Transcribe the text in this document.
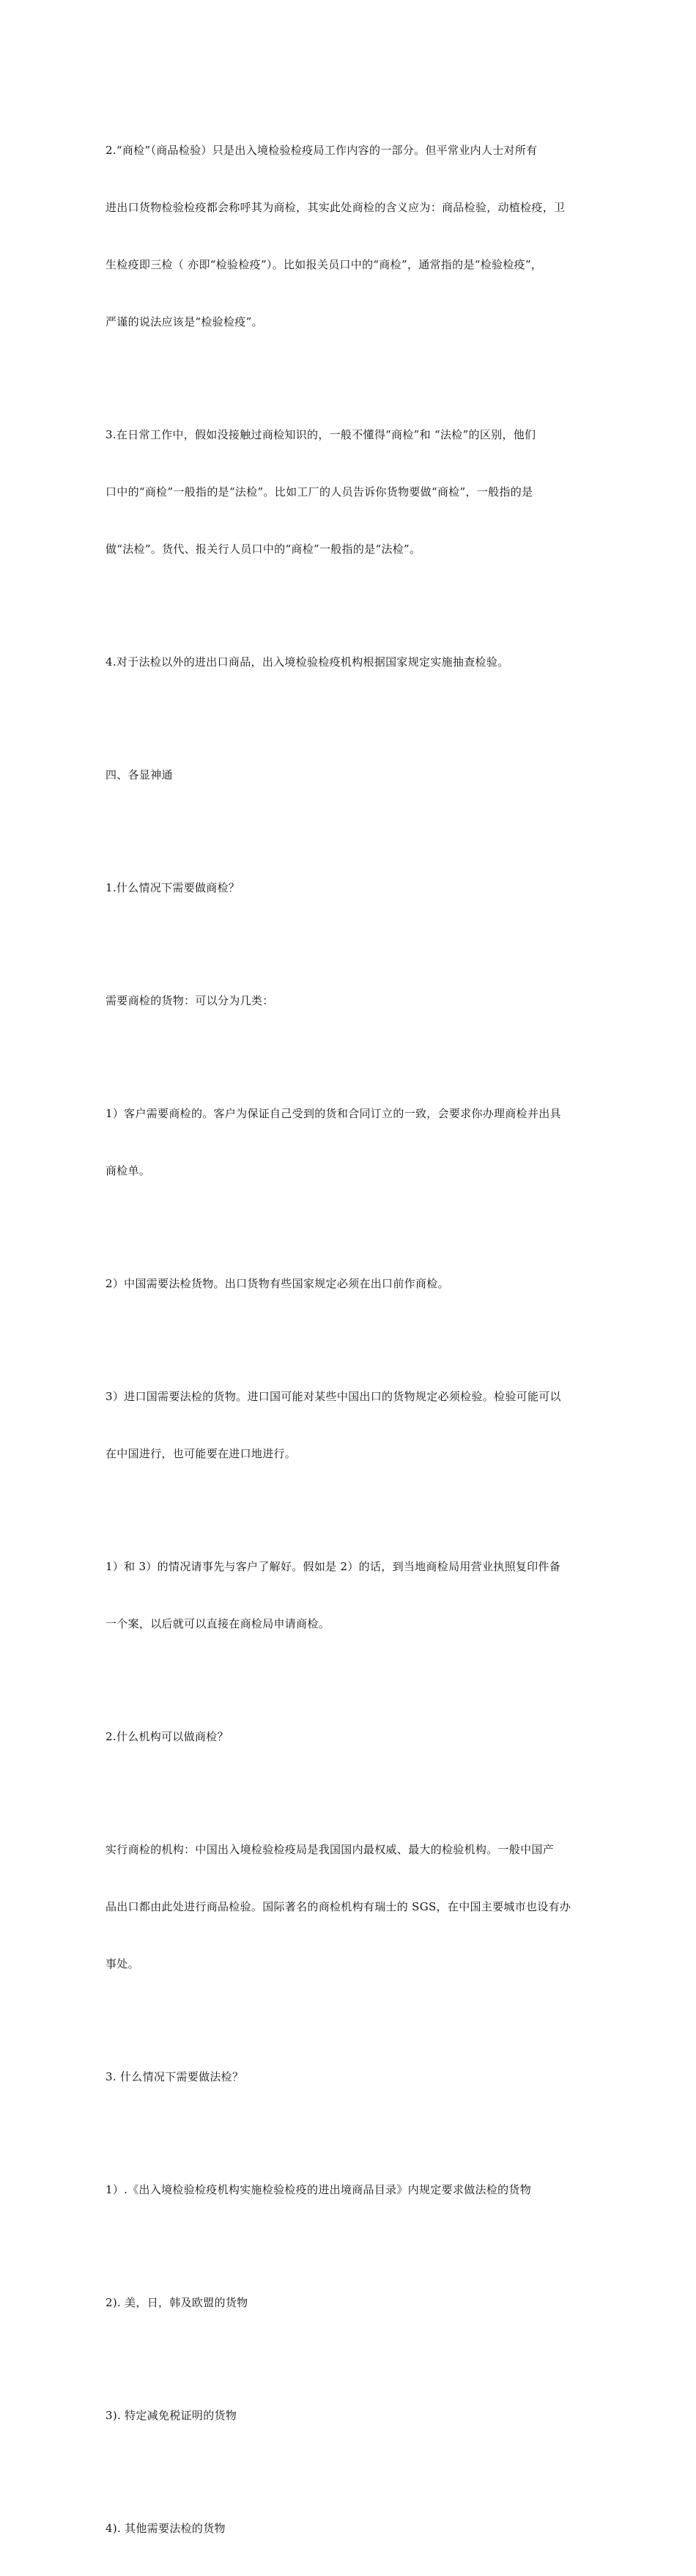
2.“商检”（商品检验）只是出入境检验检疫局工作内容的一部分。但平常业内人士对所有

进出口货物检验检疫都会称呼其为商检，其实此处商检的含义应为：商品检验，动植检疫，卫

生检疫即三检（ 亦即“检验检疫”）。比如报关员口中的“商检”，通常指的是“检验检疫”，

严谨的说法应该是“检验检疫”。

3.在日常工作中，假如没接触过商检知识的，一般不懂得“商检”和 “法检”的区别，他们

口中的“商检”一般指的是“法检”。比如工厂的人员告诉你货物要做“商检”，一般指的是

做“法检”。货代、报关行人员口中的“商检”一般指的是“法检”。

4.对于法检以外的进出口商品，出入境检验检疫机构根据国家规定实施抽查检验。

四、各显神通

1.什么情况下需要做商检？

需要商检的货物：可以分为几类：

1）客户需要商检的。客户为保证自己受到的货和合同订立的一致，会要求你办理商检并出具

商检单。

2）中国需要法检货物。出口货物有些国家规定必须在出口前作商检。

3）进口国需要法检的货物。进口国可能对某些中国出口的货物规定必须检验。检验可能可以

在中国进行，也可能要在进口地进行。

1）和 3）的情况请事先与客户了解好。假如是 2）的话，到当地商检局用营业执照复印件备

一个案，以后就可以直接在商检局申请商检。

2.什么机构可以做商检？

实行商检的机构：中国出入境检验检疫局是我国国内最权威、最大的检验机构。一般中国产

品出口都由此处进行商品检验。国际著名的商检机构有瑞士的 SGS，在中国主要城市也设有办

事处。

3. 什么情况下需要做法检？

1）.《出入境检验检疫机构实施检验检疫的进出境商品目录》内规定要求做法检的货物

2). 美，日，韩及欧盟的货物

3). 特定减免税证明的货物

4). 其他需要法检的货物
